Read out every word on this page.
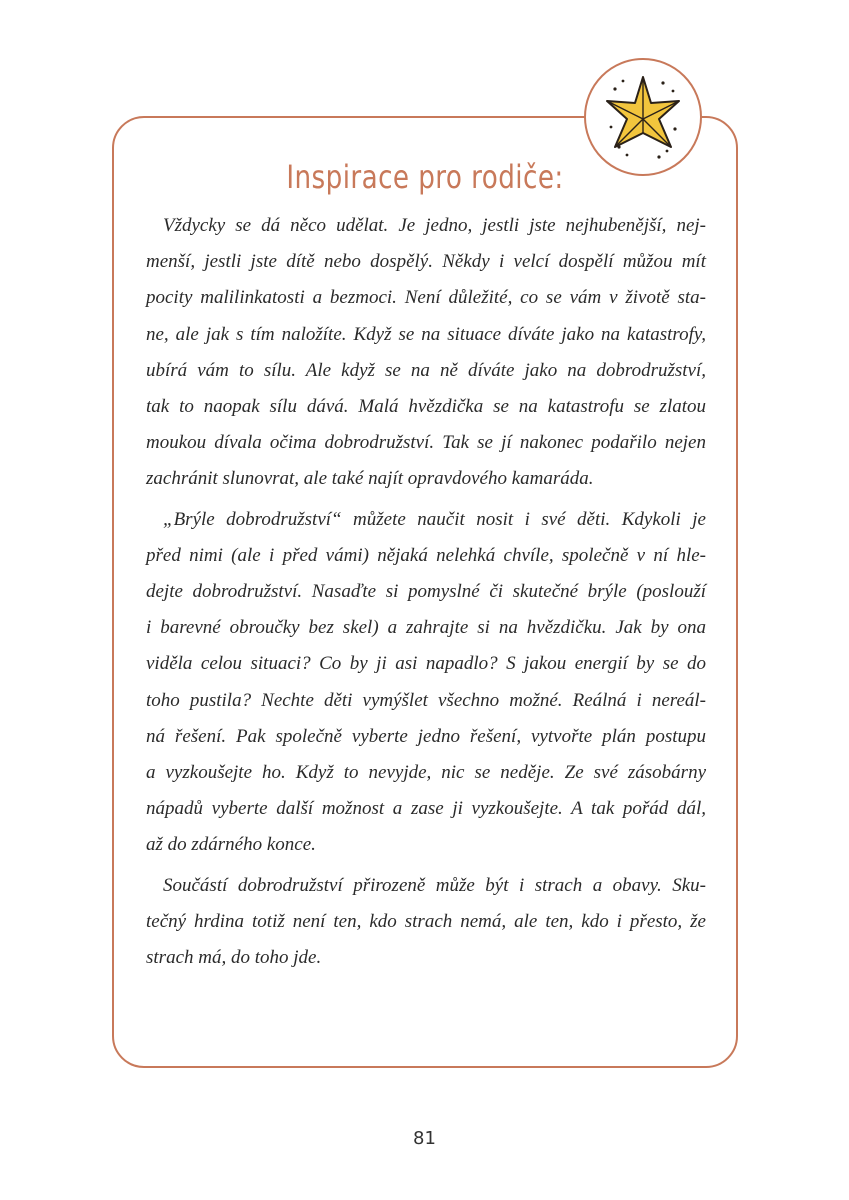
Inspirace pro rodiče:
Vždycky se dá něco udělat. Je jedno, jestli jste nejhubenější, nej-
menší, jestli jste dítě nebo dospělý. Někdy i velcí dospělí můžou mít
pocity malilinkatosti a bezmoci. Není důležité, co se vám v životě sta-
ne, ale jak s tím naložíte. Když se na situace díváte jako na katastrofy,
ubírá vám to sílu. Ale když se na ně díváte jako na dobrodružství,
tak to naopak sílu dává. Malá hvězdička se na katastrofu se zlatou
moukou dívala očima dobrodružství. Tak se jí nakonec podařilo nejen
zachránit slunovrat, ale také najít opravdového kamaráda.
„Brýle dobrodružství“ můžete naučit nosit i své děti. Kdykoli je
před nimi (ale i před vámi) nějaká nelehká chvíle, společně v ní hle-
dejte dobrodružství. Nasaďte si pomyslné či skutečné brýle (poslouží
i barevné obroučky bez skel) a zahrajte si na hvězdičku. Jak by ona
viděla celou situaci? Co by ji asi napadlo? S jakou energií by se do
toho pustila? Nechte děti vymýšlet všechno možné. Reálná i nereál-
ná řešení. Pak společně vyberte jedno řešení, vytvořte plán postupu
a vyzkoušejte ho. Když to nevyjde, nic se neděje. Ze své zásobárny
nápadů vyberte další možnost a zase ji vyzkoušejte. A tak pořád dál,
až do zdárného konce.
Součástí dobrodružství přirozeně může být i strach a obavy. Sku-
tečný hrdina totiž není ten, kdo strach nemá, ale ten, kdo i přesto, že
strach má, do toho jde.
81
